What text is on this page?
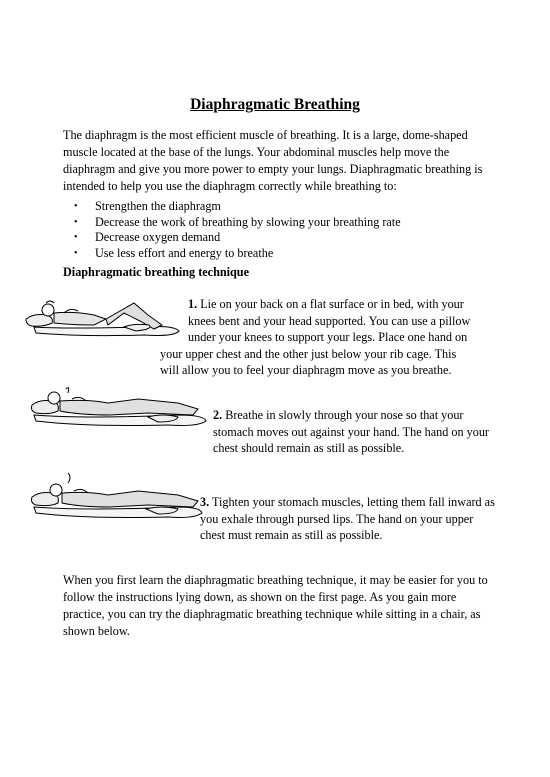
Diaphragmatic Breathing
The diaphragm is the most efficient muscle of breathing. It is a large, dome-shaped muscle located at the base of the lungs. Your abdominal muscles help move the diaphragm and give you more power to empty your lungs. Diaphragmatic breathing is intended to help you use the diaphragm correctly while breathing to:
• Strengthen the diaphragm
• Decrease the work of breathing by slowing your breathing rate
• Decrease oxygen demand
• Use less effort and energy to breathe
Diaphragmatic breathing technique
1. Lie on your back on a flat surface or in bed, with your
knees bent and your head supported. You can use a pillow
under your knees to support your legs. Place one hand on
your upper chest and the other just below your rib cage. This
will allow you to feel your diaphragm move as you breathe.
2. Breathe in slowly through your nose so that your stomach moves out against your hand. The hand on your chest should remain as still as possible.
3. Tighten your stomach muscles, letting them fall inward as you exhale through pursed lips. The hand on your upper chest must remain as still as possible.
When you first learn the diaphragmatic breathing technique, it may be easier for you to follow the instructions lying down, as shown on the first page. As you gain more practice, you can try the diaphragmatic breathing technique while sitting in a chair, as shown below.
